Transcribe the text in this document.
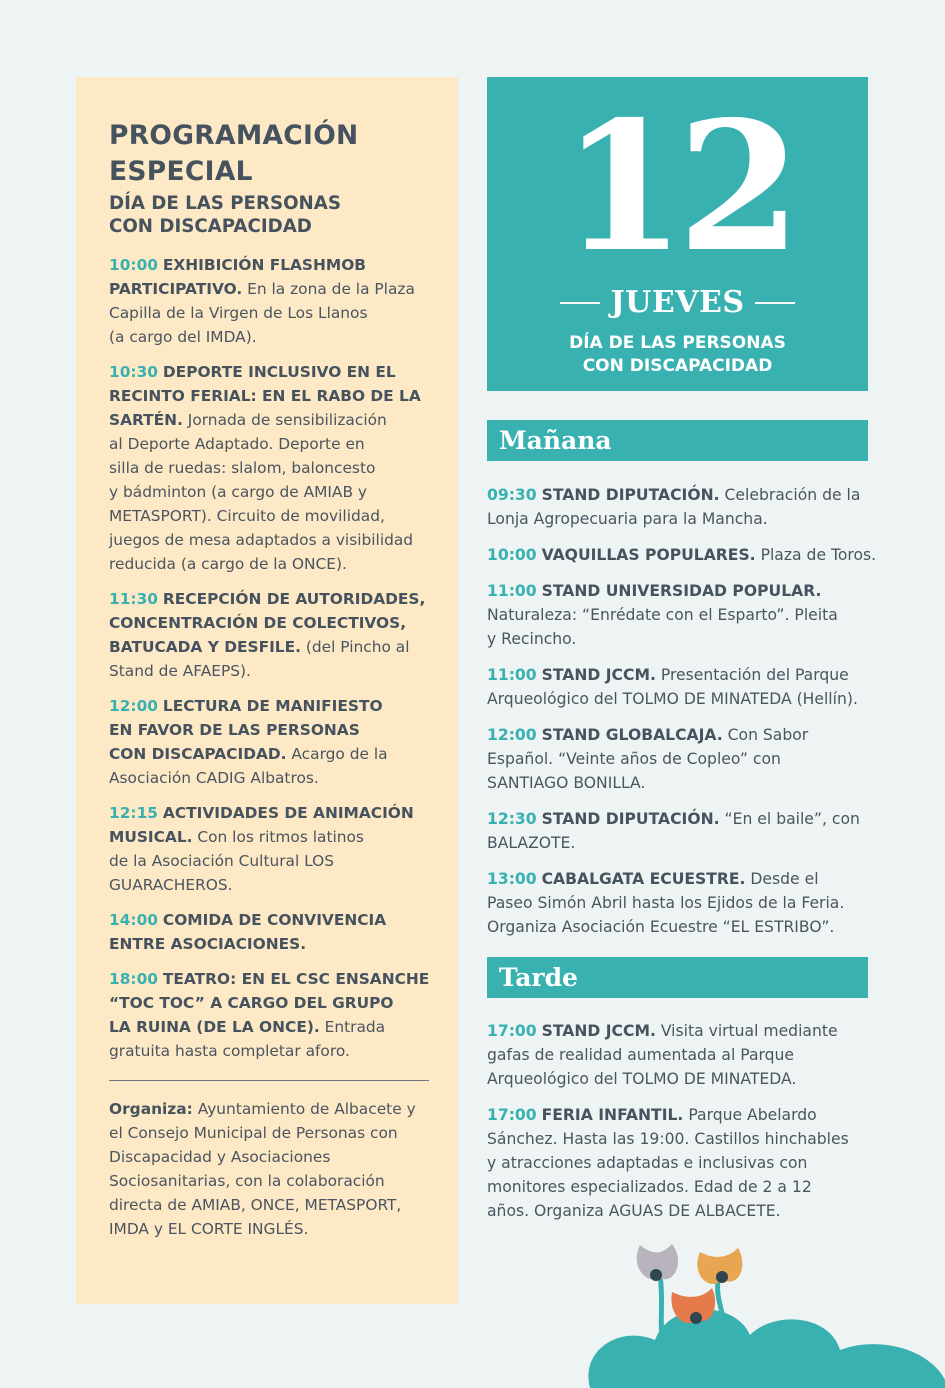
PROGRAMACIÓN
ESPECIAL
DÍA DE LAS PERSONAS
CON DISCAPACIDAD
10:00 EXHIBICIÓN FLASHMOB
PARTICIPATIVO. En la zona de la Plaza
Capilla de la Virgen de Los Llanos
(a cargo del IMDA).
10:30 DEPORTE INCLUSIVO EN EL
RECINTO FERIAL: EN EL RABO DE LA
SARTÉN. Jornada de sensibilización
al Deporte Adaptado. Deporte en
silla de ruedas: slalom, baloncesto
y bádminton (a cargo de AMIAB y
METASPORT). Circuito de movilidad,
juegos de mesa adaptados a visibilidad
reducida (a cargo de la ONCE).
11:30 RECEPCIÓN DE AUTORIDADES,
CONCENTRACIÓN DE COLECTIVOS,
BATUCADA Y DESFILE. (del Pincho al
Stand de AFAEPS).
12:00 LECTURA DE MANIFIESTO
EN FAVOR DE LAS PERSONAS
CON DISCAPACIDAD. Acargo de la
Asociación CADIG Albatros.
12:15 ACTIVIDADES DE ANIMACIÓN
MUSICAL. Con los ritmos latinos
de la Asociación Cultural LOS
GUARACHEROS.
14:00 COMIDA DE CONVIVENCIA
ENTRE ASOCIACIONES.
18:00 TEATRO: EN EL CSC ENSANCHE
“TOC TOC” A CARGO DEL GRUPO
LA RUINA (DE LA ONCE). Entrada
gratuita hasta completar aforo.
Organiza: Ayuntamiento de Albacete y
el Consejo Municipal de Personas con
Discapacidad y Asociaciones
Sociosanitarias, con la colaboración
directa de AMIAB, ONCE, METASPORT,
IMDA y EL CORTE INGLÉS.
12
JUEVES
DÍA DE LAS PERSONAS
CON DISCAPACIDAD
Mañana
09:30 STAND DIPUTACIÓN. Celebración de la
Lonja Agropecuaria para la Mancha.
10:00 VAQUILLAS POPULARES. Plaza de Toros.
11:00 STAND UNIVERSIDAD POPULAR.
Naturaleza: “Enrédate con el Esparto”. Pleita
y Recincho.
11:00 STAND JCCM. Presentación del Parque
Arqueológico del TOLMO DE MINATEDA (Hellín).
12:00 STAND GLOBALCAJA. Con Sabor
Español. “Veinte años de Copleo” con
SANTIAGO BONILLA.
12:30 STAND DIPUTACIÓN. “En el baile”, con
BALAZOTE.
13:00 CABALGATA ECUESTRE. Desde el
Paseo Simón Abril hasta los Ejidos de la Feria.
Organiza Asociación Ecuestre “EL ESTRIBO”.
Tarde
17:00 STAND JCCM. Visita virtual mediante
gafas de realidad aumentada al Parque
Arqueológico del TOLMO DE MINATEDA.
17:00 FERIA INFANTIL. Parque Abelardo
Sánchez. Hasta las 19:00. Castillos hinchables
y atracciones adaptadas e inclusivas con
monitores especializados. Edad de 2 a 12
años. Organiza AGUAS DE ALBACETE.
